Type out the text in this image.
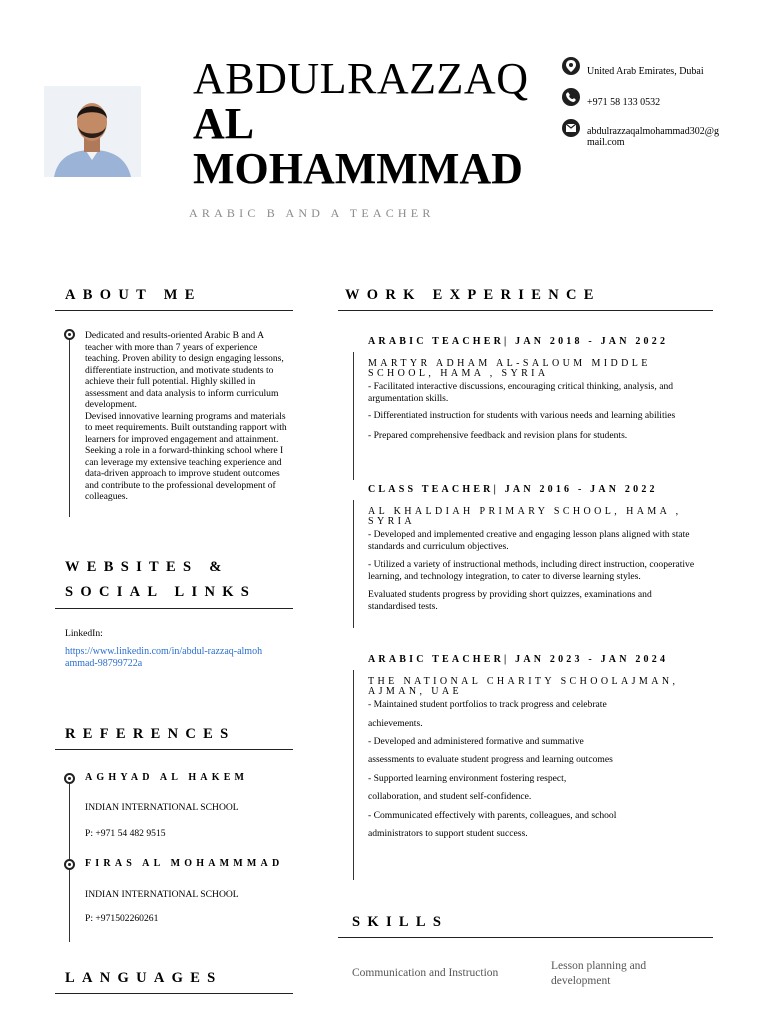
ABDULRAZZAQ
AL
MOHAMMMAD
ARABIC B AND A TEACHER
United Arab Emirates, Dubai
+971 58 133 0532
abdulrazzaqalmohammad302@gmail.com
ABOUT ME
Dedicated and results-oriented Arabic B and A teacher with more than 7 years of experience teaching. Proven ability to design engaging lessons, differentiate instruction, and motivate students to achieve their full potential. Highly skilled in assessment and data analysis to inform curriculum development.
Devised innovative learning programs and materials to meet requirements. Built outstanding rapport with learners for improved engagement and attainment.
Seeking a role in a forward-thinking school where I can leverage my extensive teaching experience and data-driven approach to improve student outcomes and contribute to the professional development of colleagues.
WEBSITES &
SOCIAL LINKS
LinkedIn:
https://www.linkedin.com/in/abdul-razzaq-almohammad-98799722a
REFERENCES
AGHYAD AL HAKEM
INDIAN INTERNATIONAL SCHOOL
P: +971 54 482 9515
FIRAS AL MOHAMMMAD
INDIAN INTERNATIONAL SCHOOL
P: +971502260261
LANGUAGES
WORK EXPERIENCE
ARABIC TEACHER| JAN 2018 - JAN 2022
MARTYR ADHAM AL-SALOUM MIDDLE SCHOOL, HAMA , SYRIA
- Facilitated interactive discussions, encouraging critical thinking, analysis, and argumentation skills.
- Differentiated instruction for students with various needs and learning abilities
- Prepared comprehensive feedback and revision plans for students.
CLASS TEACHER| JAN 2016 - JAN 2022
AL KHALDIAH PRIMARY SCHOOL, HAMA , SYRIA
- Developed and implemented creative and engaging lesson plans aligned with state standards and curriculum objectives.
- Utilized a variety of instructional methods, including direct instruction, cooperative learning, and technology integration, to cater to diverse learning styles.
Evaluated students progress by providing short quizzes, examinations and standardised tests.
ARABIC TEACHER| JAN 2023 - JAN 2024
THE NATIONAL CHARITY SCHOOLAJMAN, AJMAN, UAE
- Maintained student portfolios to track progress and celebrate
achievements.
- Developed and administered formative and summative
assessments to evaluate student progress and learning outcomes
- Supported learning environment fostering respect,
collaboration, and student self-confidence.
- Communicated effectively with parents, colleagues, and school
administrators to support student success.
SKILLS
Communication and Instruction
Lesson planning and development
